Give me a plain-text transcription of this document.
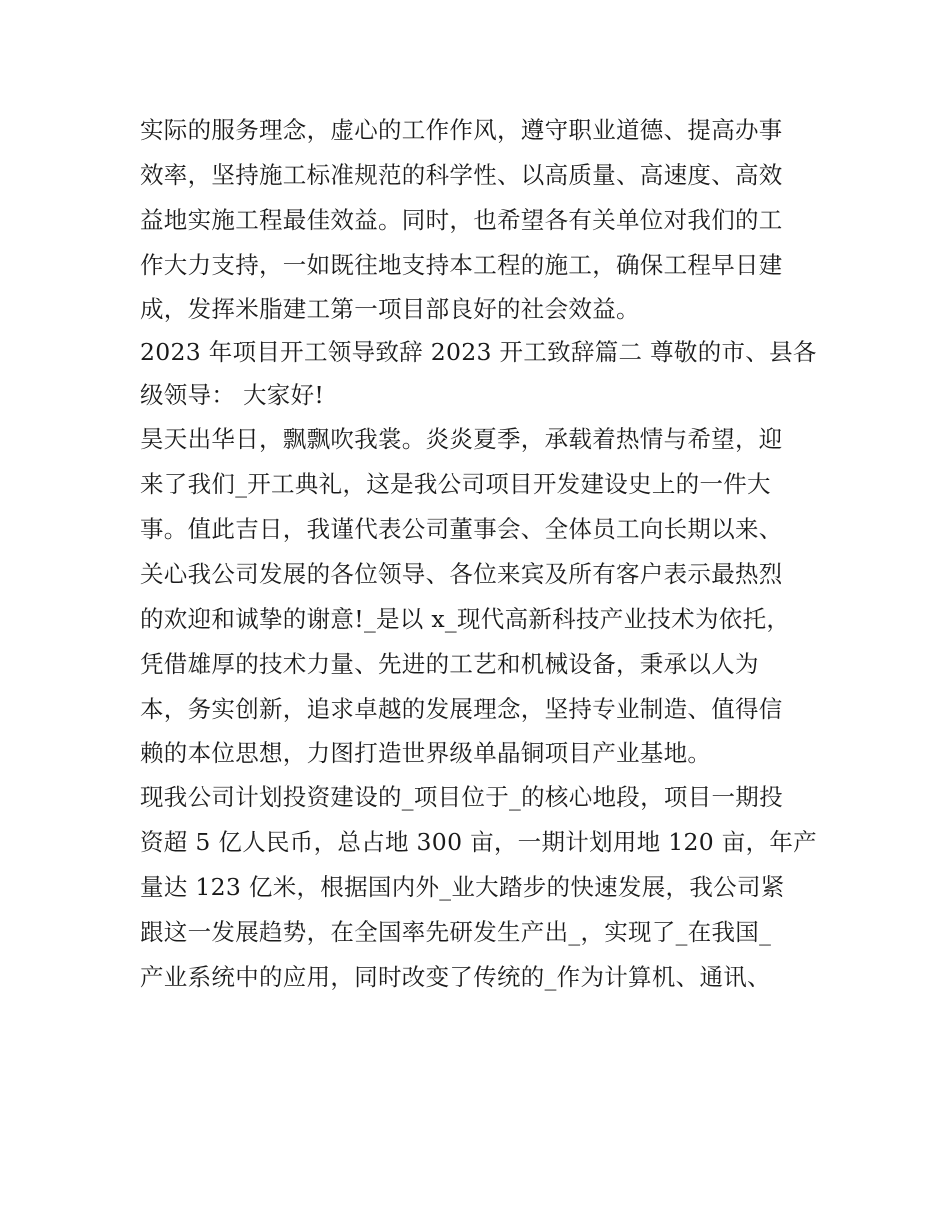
实际的服务理念，虚心的工作作风，遵守职业道德、提高办事
效率，坚持施工标准规范的科学性、以高质量、高速度、高效
益地实施工程最佳效益。同时，也希望各有关单位对我们的工
作大力支持，一如既往地支持本工程的施工，确保工程早日建
成，发挥米脂建工第一项目部良好的社会效益。
2023 年项目开工领导致辞 2023 开工致辞篇二 尊敬的市、县各
级领导： 大家好!
昊天出华日，飘飘吹我裳。炎炎夏季，承载着热情与希望，迎
来了我们_开工典礼，这是我公司项目开发建设史上的一件大
事。值此吉日，我谨代表公司董事会、全体员工向长期以来、
关心我公司发展的各位领导、各位来宾及所有客户表示最热烈
的欢迎和诚挚的谢意!_是以 x_现代高新科技产业技术为依托，
凭借雄厚的技术力量、先进的工艺和机械设备，秉承以人为
本，务实创新，追求卓越的发展理念，坚持专业制造、值得信
赖的本位思想，力图打造世界级单晶铜项目产业基地。
现我公司计划投资建设的_项目位于_的核心地段，项目一期投
资超 5 亿人民币，总占地 300 亩，一期计划用地 120 亩，年产
量达 123 亿米，根据国内外_业大踏步的快速发展，我公司紧
跟这一发展趋势，在全国率先研发生产出_，实现了_在我国_
产业系统中的应用，同时改变了传统的_作为计算机、通讯、
